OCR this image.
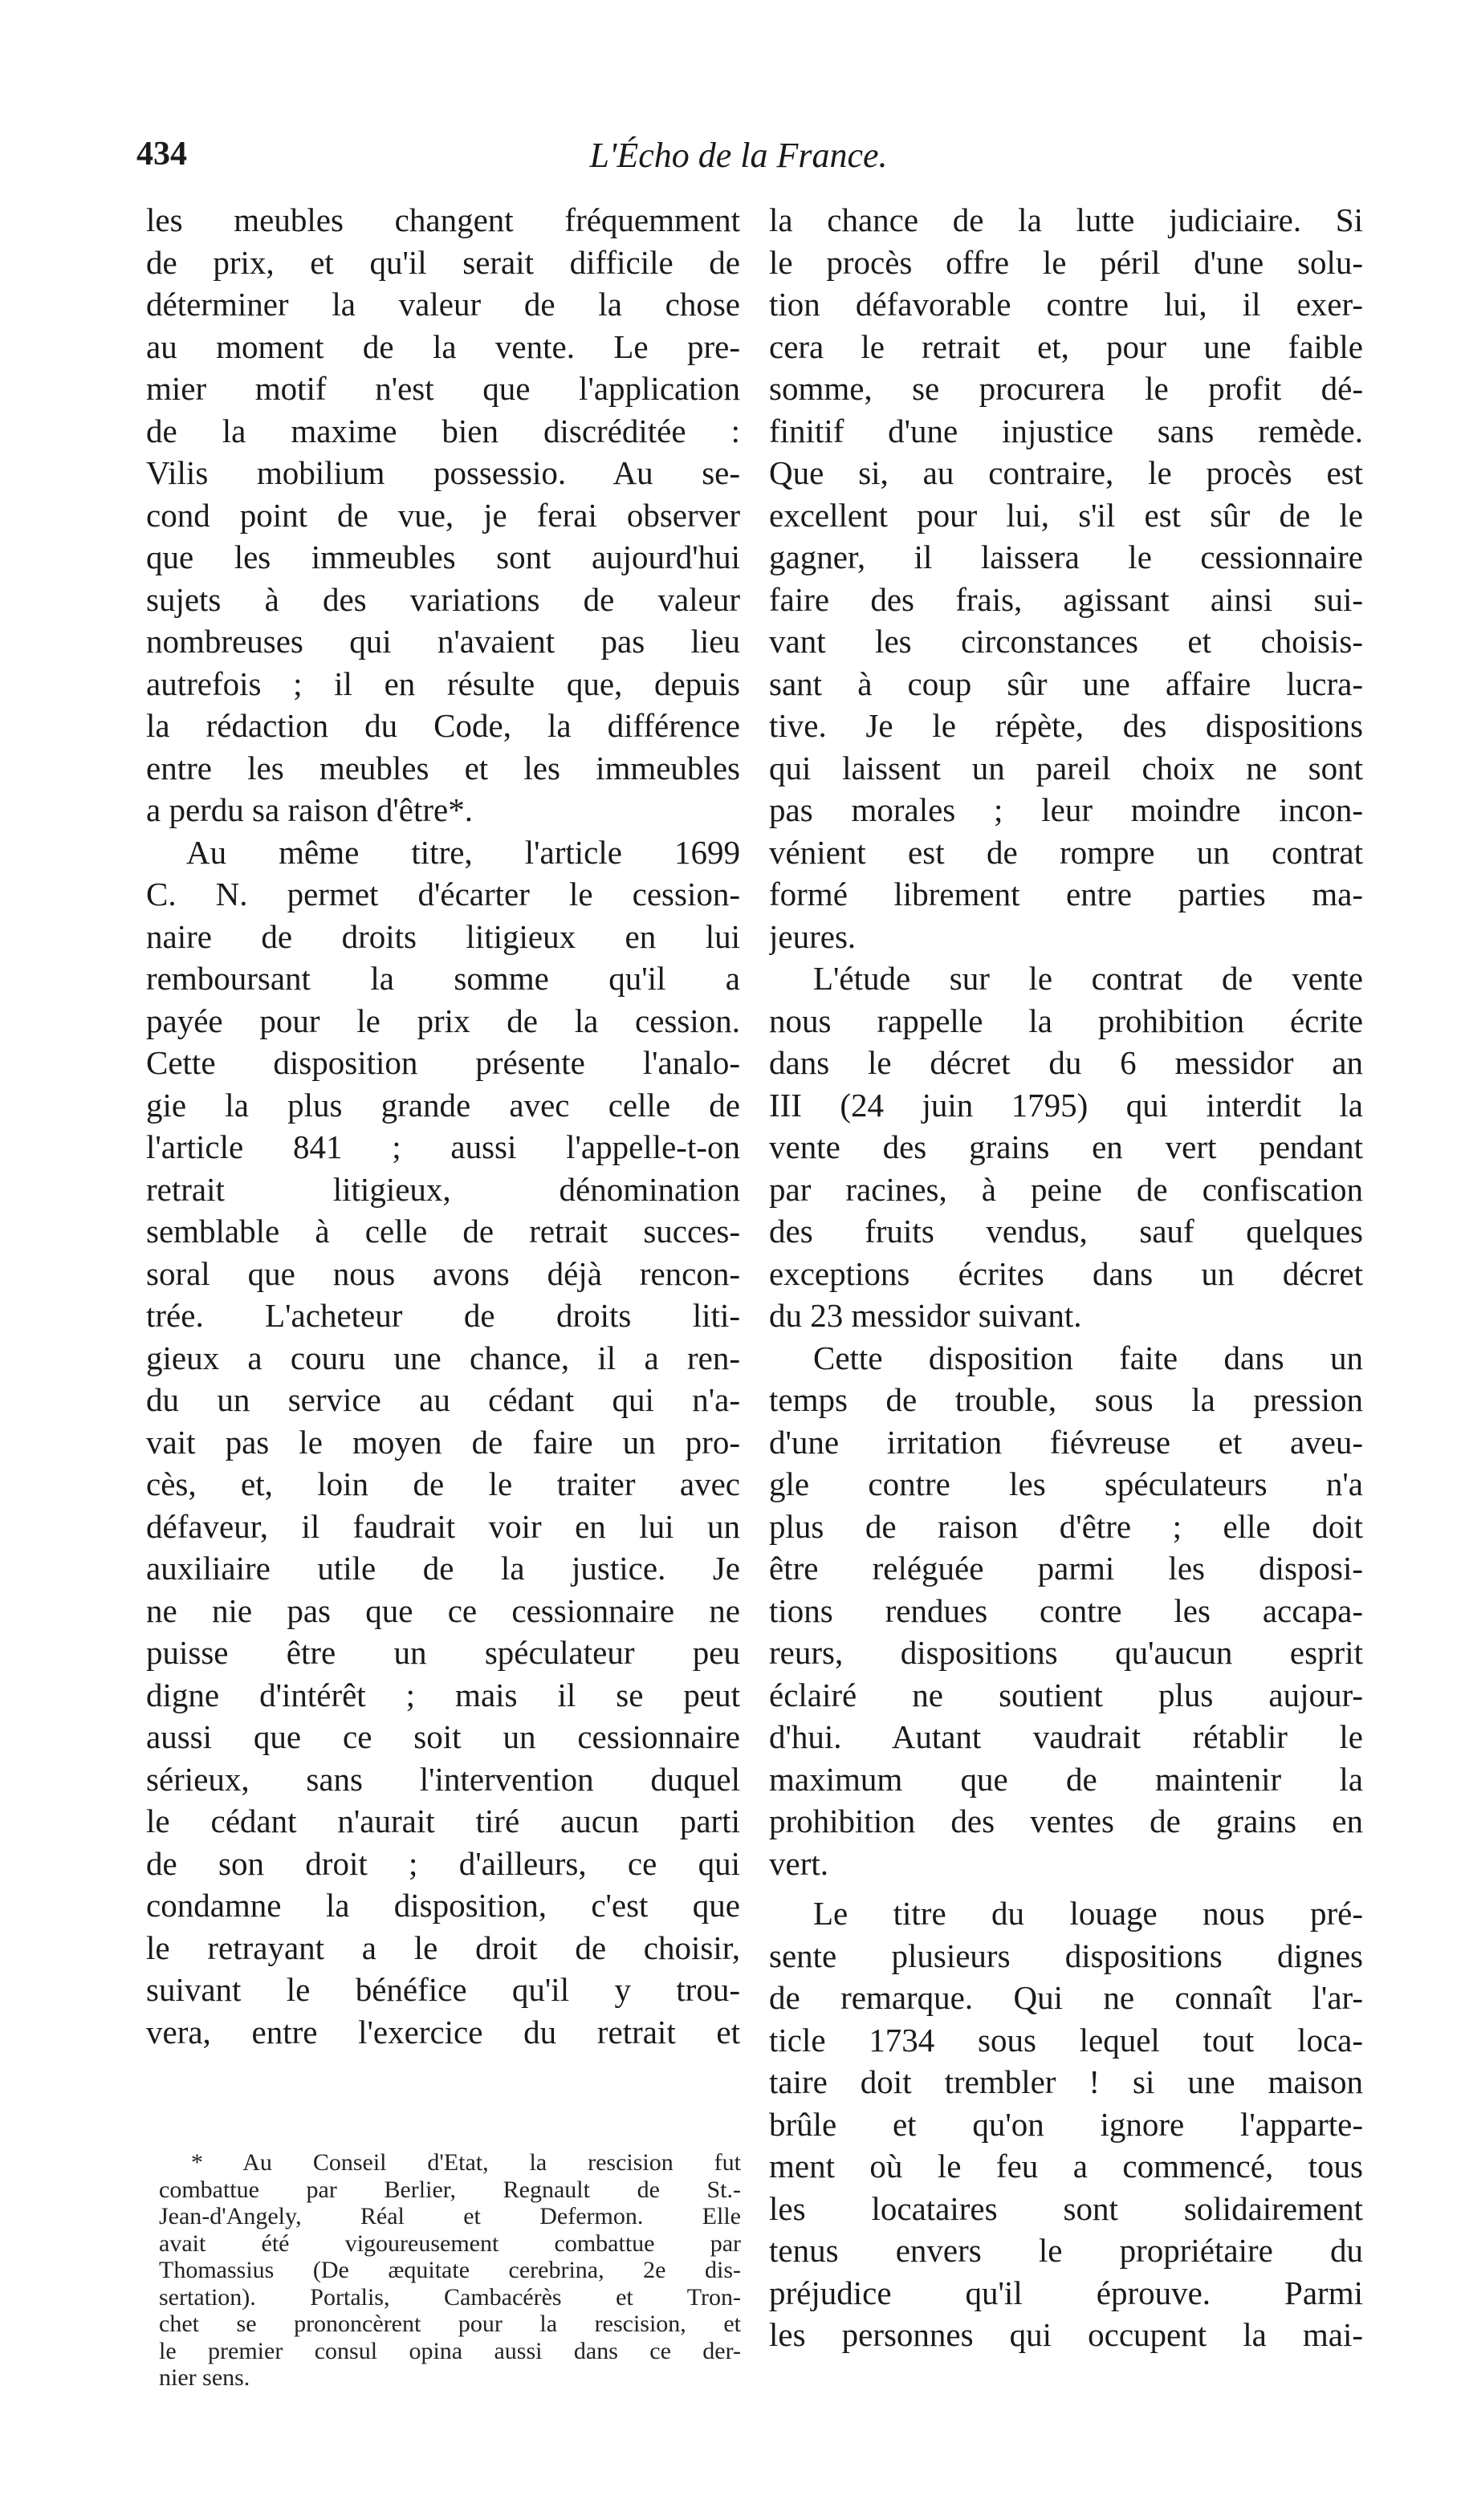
434	L'Écho de la France.
les meubles changent fréquemment
de prix, et qu'il serait difficile de
déterminer la valeur de la chose
au moment de la vente. Le pre-
mier motif n'est que l'application
de la maxime bien discréditée :
Vilis mobilium possessio. Au se-
cond point de vue, je ferai observer
que les immeubles sont aujourd'hui
sujets à des variations de valeur
nombreuses qui n'avaient pas lieu
autrefois ; il en résulte que, depuis
la rédaction du Code, la différence
entre les meubles et les immeubles
a perdu sa raison d'être*.
Au même titre, l'article 1699
C. N. permet d'écarter le cession-
naire de droits litigieux en lui
remboursant la somme qu'il a
payée pour le prix de la cession.
Cette disposition présente l'analo-
gie la plus grande avec celle de
l'article 841 ; aussi l'appelle-t-on
retrait litigieux, dénomination
semblable à celle de retrait succes-
soral que nous avons déjà rencon-
trée. L'acheteur de droits liti-
gieux a couru une chance, il a ren-
du un service au cédant qui n'a-
vait pas le moyen de faire un pro-
cès, et, loin de le traiter avec
défaveur, il faudrait voir en lui un
auxiliaire utile de la justice. Je
ne nie pas que ce cessionnaire ne
puisse être un spéculateur peu
digne d'intérêt ; mais il se peut
aussi que ce soit un cessionnaire
sérieux, sans l'intervention duquel
le cédant n'aurait tiré aucun parti
de son droit ; d'ailleurs, ce qui
condamne la disposition, c'est que
le retrayant a le droit de choisir,
suivant le bénéfice qu'il y trou-
vera, entre l'exercice du retrait et
la chance de la lutte judiciaire. Si
le procès offre le péril d'une solu-
tion défavorable contre lui, il exer-
cera le retrait et, pour une faible
somme, se procurera le profit dé-
finitif d'une injustice sans remède.
Que si, au contraire, le procès est
excellent pour lui, s'il est sûr de le
gagner, il laissera le cessionnaire
faire des frais, agissant ainsi sui-
vant les circonstances et choisis-
sant à coup sûr une affaire lucra-
tive. Je le répète, des dispositions
qui laissent un pareil choix ne sont
pas morales ; leur moindre incon-
vénient est de rompre un contrat
formé librement entre parties ma-
jeures.
L'étude sur le contrat de vente
nous rappelle la prohibition écrite
dans le décret du 6 messidor an
III (24 juin 1795) qui interdit la
vente des grains en vert pendant
par racines, à peine de confiscation
des fruits vendus, sauf quelques
exceptions écrites dans un décret
du 23 messidor suivant.
Cette disposition faite dans un
temps de trouble, sous la pression
d'une irritation fiévreuse et aveu-
gle contre les spéculateurs n'a
plus de raison d'être ; elle doit
être reléguée parmi les disposi-
tions rendues contre les accapa-
reurs, dispositions qu'aucun esprit
éclairé ne soutient plus aujour-
d'hui. Autant vaudrait rétablir le
maximum que de maintenir la
prohibition des ventes de grains en
vert.
Le titre du louage nous pré-
sente plusieurs dispositions dignes
de remarque. Qui ne connaît l'ar-
ticle 1734 sous lequel tout loca-
taire doit trembler ! si une maison
brûle et qu'on ignore l'apparte-
ment où le feu a commencé, tous
les locataires sont solidairement
tenus envers le propriétaire du
préjudice qu'il éprouve. Parmi
les personnes qui occupent la mai-
* Au Conseil d'Etat, la rescision fut
combattue par Berlier, Regnault de St.-
Jean-d'Angely, Réal et Defermon. Elle
avait été vigoureusement combattue par
Thomassius (De æquitate cerebrina, 2e dis-
sertation). Portalis, Cambacérès et Tron-
chet se prononcèrent pour la rescision, et
le premier consul opina aussi dans ce der-
nier sens.
